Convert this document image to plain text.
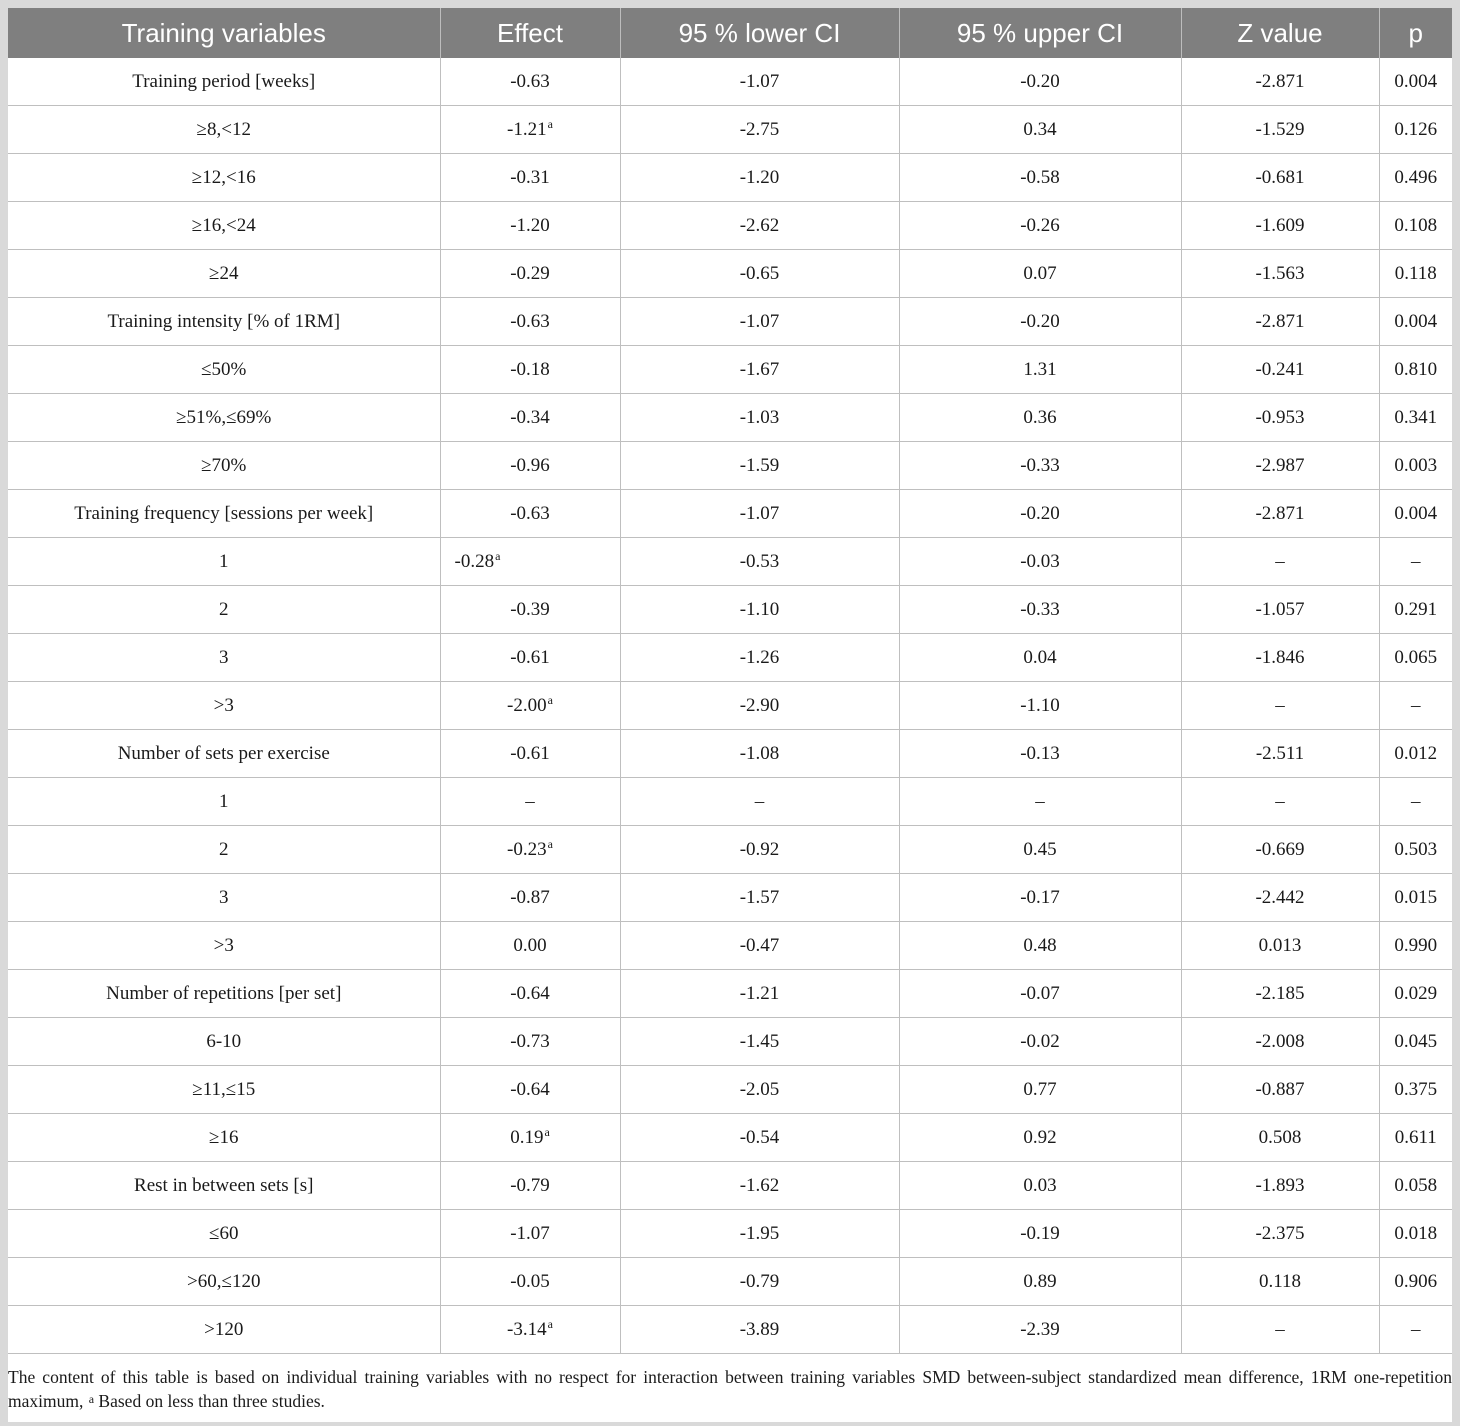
Training variables	Effect	95 % lower CI	95 % upper CI	Z value	p
Training period [weeks]	-0.63	-1.07	-0.20	-2.871	0.004
≥8,<12	-1.21$^a$	-2.75	0.34	-1.529	0.126
≥12,<16	-0.31	-1.20	-0.58	-0.681	0.496
≥16,<24	-1.20	-2.62	-0.26	-1.609	0.108
≥24	-0.29	-0.65	0.07	-1.563	0.118
Training intensity [% of 1RM]	-0.63	-1.07	-0.20	-2.871	0.004
≤50%	-0.18	-1.67	1.31	-0.241	0.810
≥51%,≤69%	-0.34	-1.03	0.36	-0.953	0.341
≥70%	-0.96	-1.59	-0.33	-2.987	0.003
Training frequency [sessions per week]	-0.63	-1.07	-0.20	-2.871	0.004
1	-0.28$^a$	-0.53	-0.03	–	–
2	-0.39	-1.10	-0.33	-1.057	0.291
3	-0.61	-1.26	0.04	-1.846	0.065
>3	-2.00$^a$	-2.90	-1.10	–	–
Number of sets per exercise	-0.61	-1.08	-0.13	-2.511	0.012
1	–	–	–	–	–
2	-0.23$^a$	-0.92	0.45	-0.669	0.503
3	-0.87	-1.57	-0.17	-2.442	0.015
>3	0.00	-0.47	0.48	0.013	0.990
Number of repetitions [per set]	-0.64	-1.21	-0.07	-2.185	0.029
6-10	-0.73	-1.45	-0.02	-2.008	0.045
≥11,≤15	-0.64	-2.05	0.77	-0.887	0.375
≥16	0.19$^a$	-0.54	0.92	0.508	0.611
Rest in between sets [s]	-0.79	-1.62	0.03	-1.893	0.058
≤60	-1.07	-1.95	-0.19	-2.375	0.018
>60,≤120	-0.05	-0.79	0.89	0.118	0.906
>120	-3.14$^a$	-3.89	-2.39	–	–
The content of this table is based on individual training variables with no respect for interaction between training variables SMD between-subject standardized mean difference, 1RM one-repetition maximum, $^a$ Based on less than three studies.
